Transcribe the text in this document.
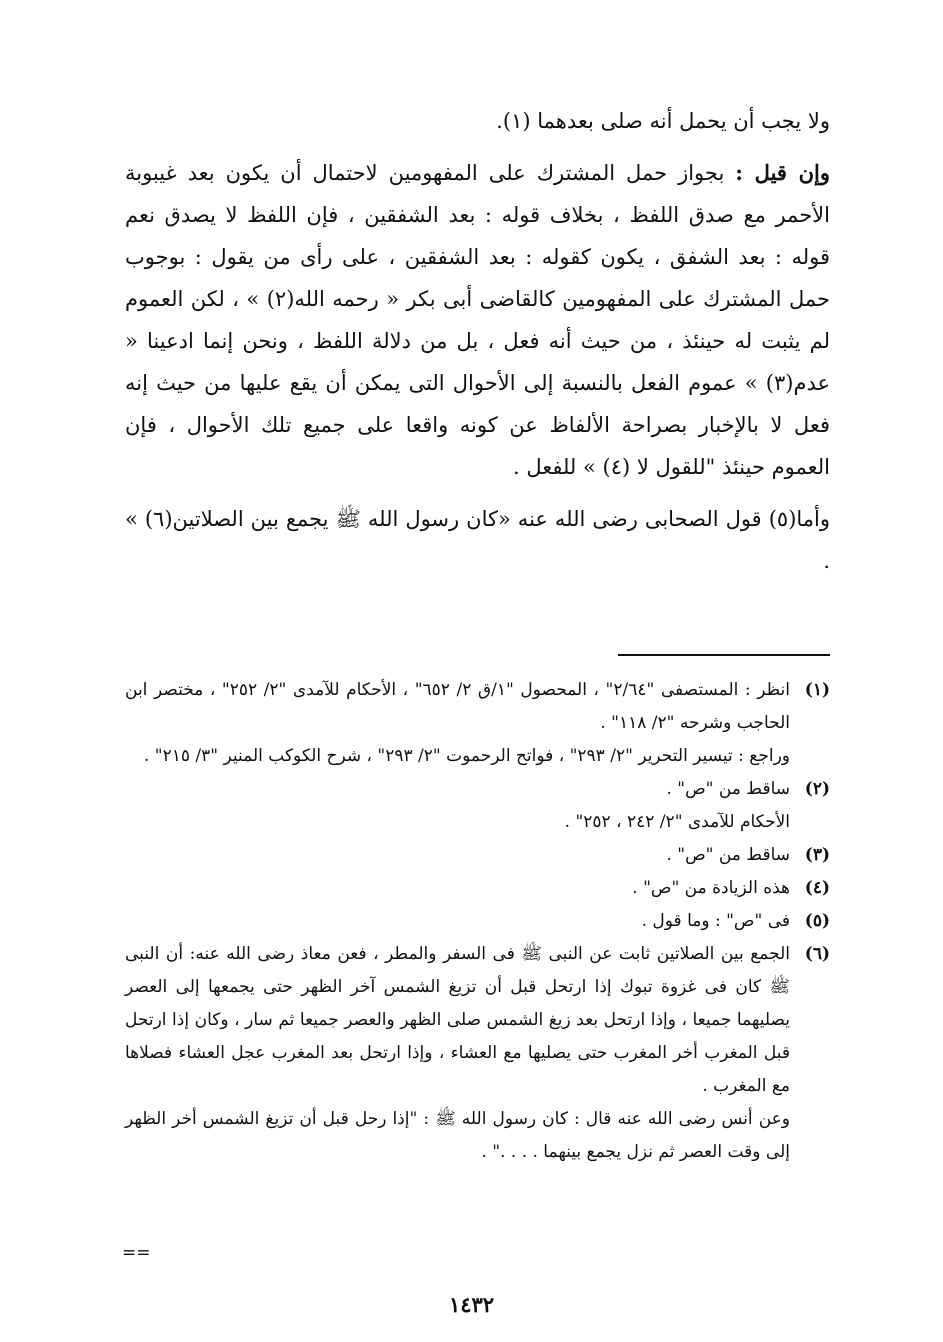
ولا يجب أن يحمل أنه صلى بعدهما (١).

وإن قيل : بجواز حمل المشترك على المفهومين لاحتمال أن يكون بعد غيبوبة الأحمر مع صدق اللفظ ، بخلاف قوله : بعد الشفقين ، فإن اللفظ لا يصدق نعم قوله : بعد الشفق ، يكون كقوله : بعد الشفقين ، على رأى من يقول : بوجوب حمل المشترك على المفهومين كالقاضى أبى بكر « رحمه الله(٢) » ، لكن العموم لم يثبت له حينئذ ، من حيث أنه فعل ، بل من دلالة اللفظ ، ونحن إنما ادعينا « عدم(٣) » عموم الفعل بالنسبة إلى الأحوال التى يمكن أن يقع عليها من حيث إنه فعل لا بالإخبار بصراحة الألفاظ عن كونه واقعا على جميع تلك الأحوال ، فإن العموم حينئذ "للقول لا (٤) » للفعل .

وأما(٥) قول الصحابى رضى الله عنه «كان رسول الله ﷺ يجمع بين الصلاتين(٦) » .

(١)
انظر : المستصفى "٢/٦٤" ، المحصول "١/ق ٢/ ٦٥٢" ، الأحكام للآمدى "٢/ ٢٥٢" ، مختصر ابن الحاجب وشرحه "٢/ ١١٨" .
وراجع : تيسير التحرير "٢/ ٢٩٣" ، فواتح الرحموت "٢/ ٢٩٣" ، شرح الكوكب المنير "٣/ ٢١٥" .
(٢)
ساقط من "ص" .
الأحكام للآمدى "٢/ ٢٤٢ ، ٢٥٢" .
(٣)
ساقط من "ص" .
(٤)
هذه الزيادة من "ص" .
(٥)
فى "ص" : وما قول .
(٦)
الجمع بين الصلاتين ثابت عن النبى ﷺ فى السفر والمطر ، فعن معاذ رضى الله عنه: أن النبى ﷺ كان فى غزوة تبوك إذا ارتحل قبل أن تزيغ الشمس آخر الظهر حتى يجمعها إلى العصر يصليهما جميعا ، وإذا ارتحل بعد زيغ الشمس صلى الظهر والعصر جميعا ثم سار ، وكان إذا ارتحل قبل المغرب أخر المغرب حتى يصليها مع العشاء ، وإذا ارتحل بعد المغرب عجل العشاء فصلاها مع المغرب .
وعن أنس رضى الله عنه قال : كان رسول الله ﷺ : "إذا رحل قبل أن تزيغ الشمس أخر الظهر إلى وقت العصر ثم نزل يجمع بينهما . . . ." .
==
١٤٣٢
